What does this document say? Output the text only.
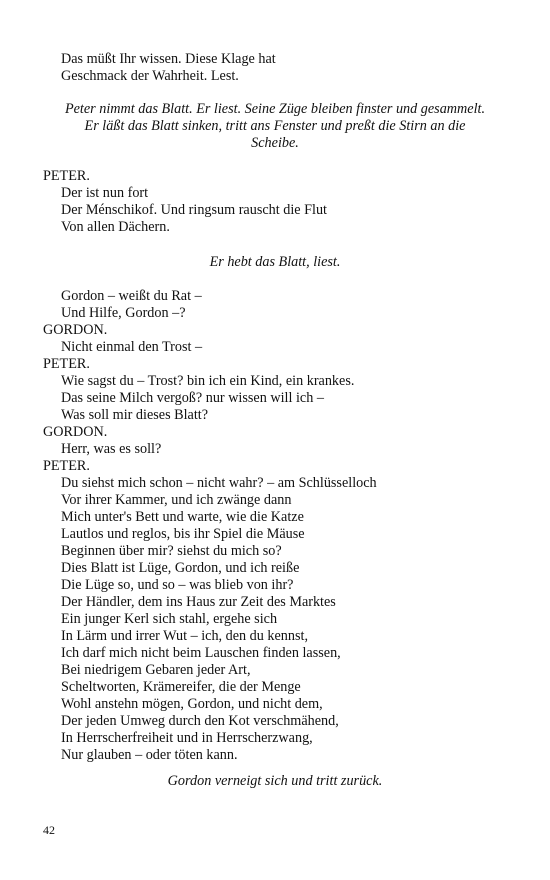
Das müßt Ihr wissen. Diese Klage hat
Geschmack der Wahrheit. Lest.
Peter nimmt das Blatt. Er liest. Seine Züge bleiben finster und gesammelt.
Er läßt das Blatt sinken, tritt ans Fenster und preßt die Stirn an die
Scheibe.
PETER.
Der ist nun fort
Der Ménschikof. Und ringsum rauscht die Flut
Von allen Dächern.
Er hebt das Blatt, liest.
Gordon – weißt du Rat –
Und Hilfe, Gordon –?
GORDON.
Nicht einmal den Trost –
PETER.
Wie sagst du – Trost? bin ich ein Kind, ein krankes.
Das seine Milch vergoß? nur wissen will ich –
Was soll mir dieses Blatt?
GORDON.
Herr, was es soll?
PETER.
Du siehst mich schon – nicht wahr? – am Schlüsselloch
Vor ihrer Kammer, und ich zwänge dann
Mich unter's Bett und warte, wie die Katze
Lautlos und reglos, bis ihr Spiel die Mäuse
Beginnen über mir? siehst du mich so?
Dies Blatt ist Lüge, Gordon, und ich reiße
Die Lüge so, und so – was blieb von ihr?
Der Händler, dem ins Haus zur Zeit des Marktes
Ein junger Kerl sich stahl, ergehe sich
In Lärm und irrer Wut – ich, den du kennst,
Ich darf mich nicht beim Lauschen finden lassen,
Bei niedrigem Gebaren jeder Art,
Scheltworten, Krämereifer, die der Menge
Wohl anstehn mögen, Gordon, und nicht dem,
Der jeden Umweg durch den Kot verschmähend,
In Herrscherfreiheit und in Herrscherzwang,
Nur glauben – oder töten kann.
Gordon verneigt sich und tritt zurück.
42
